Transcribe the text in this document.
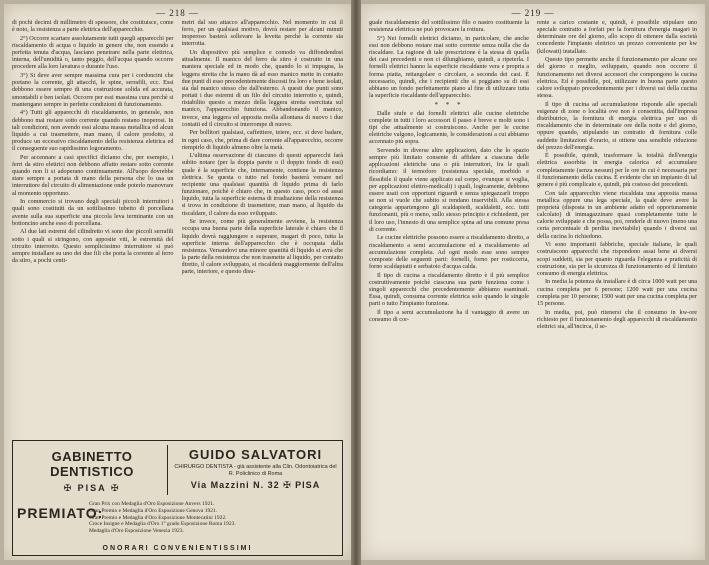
— 218 —

di pochi decimi di millimetro di spessore, che costituisce, come è noto, la resistenza a parte elettrica dell'apparecchio.

2°) Occorre scartare assolutamente tutti quegli apparecchi per riscaldamento di acqua o liquido in genere che, non essendo a perfetta tenuta d'acqua, lasciano penetrare nella parte elettrica, interna, dell'umidità o, tanto peggio, dell'acqua quando occorre procedere alla loro lavatura o durante l'uso.

3°) Si deve aver sempre massima cura per i cordoncini che portano la corrente, gli attacchi, le spine, serrafili, ecc. Essi debbono essere sempre di una costruzione solida ed accurata, smontabili e ben isolati. Occorre per essi massima cura perchè si mantengano sempre in perfette condizioni di funzionamento.

4°) Tutti gli apparecchi di riscaldamento, in generale, non debbono mai restare sotto corrente quando restano inoperosi. In tali condizioni, non avendo essi alcuna massa metallica od alcun liquido a cui trasmettere, man mano, il calore prodotto, si produce un eccessivo riscaldamento della resistenza elettrica ed il conseguente suo rapidissimo logoramento.

Per accennare a casi specifici diciamo che, per esempio, i ferri da stiro elettrici non debbono affatto restare sotto corrente quando non li si adoperano continuamente. All'uopo dovrebbe stare sempre a portata di mano della persona che lo usa un interruttore del circuito di alimentazione onde poterlo manovrare al momento opportuno.

In commercio si trovano degli speciali piccoli interruttori i quali sono costituiti da un sottilissimo tubetto di porcellana avente sulla sua superficie una piccola leva terminante con un bottoncino anche esso di porcellana.

Al due lati estremi del cilindretto vi sono due piccoli serrafili sotto i quali si stringono, con apposite viti, le estremità del circuito interrotto. Questo semplicissimo interruttore si può sempre installare su uno dei due fili che porta la corrente al ferro da stiro, a pochi centi-

metri dal suo attacco all'apparecchio. Nel momento in cui il ferro, per un qualsiasi motivo, dovrà restare per alcuni minuti inoperoso basterà sollevare la levetta perchè la corrente sia interrotta.

Un dispositivo più semplice e comodo va diffondendosi attualmente. Il manico del ferro da stiro è costruito in una maniera speciale ed in modo che, quando lo si impugna, la leggera stretta che la mano dà ad esso manico mette in contatto due punti di esso precedentemente discosti fra loro e bene isolati, sia dal manico stesso che dall'esterno. A questi due punti sono portati i due estremi di un filo del circuito interrotto e, quindi, ristabilito questo a mezzo della leggera stretta esercitata sul manico, l'apparecchio funziona. Abbandonando il manico, invece, una leggera ed apposita molla allontana di nuovo i due contatti ed il circuito si interrompe di nuovo.

Per bollitori qualsiasi, caffettiere, teiere, ecc. si deve badare, in ogni caso, che, prima di dare corrente all'apparecchio, occorre riempirlo di liquido almeno oltre la metà.

L'ultima osservazione di ciascuno di questi apparecchi farà subito notare (per la doppia parete o il doppio fondo di essi) quale è la superficie che, internamente, contiene la resistenza elettrica. Se questa o tutto nel fondo basterà versare nel recipiente una qualsiasi quantità di liquido prima di farlo funzionare, poichè è chiaro che, in questo caso, poco od assai liquido, tutta la superficie esterna di irradiazione della resistenza si trova in condizione di trasmettere, man mano, al liquido da riscaldare, il calore da esso sviluppato.

Se invece, come più generalmente avviene, la resistenza occupa una buona parte della superficie laterale è chiaro che il liquido dovrà raggiungere e superare, magari di poco, tutta la superficie interna dell'apparecchio che è occupata dalla resistenza. Versandovi una minore quantità di liquido si avrà che la parte della resistenza che non trasmette al liquido, per contatto diretto, il calore sviluppato, si riscalderà maggiormente dell'altra parte, interiore, e questo disu-

GABINETTO DENTISTICO
✠ PISA ✠
GUIDO SALVATORI
CHIRURGO DENTISTA - già assistente alla Clin. Odontoiatrica del R. Policlinico di Roma
Via Mazzini N. 32 ✠ PISA
PREMIATO:
Gran Prix con Medaglia d'Oro Esposizione Anvers 1921.
Gran Premio e Medaglia d'Oro Esposizione Genova 1921.
Gran Premio e Medaglia d'Oro Esposizione Montecatini 1922.
Croce Insigne e Medaglia d'Oro 1° grado Esposizione Roma 1923.
Medaglia d'Oro Esposizione Venezia 1923.
ONORARI CONVENIENTISSIMI
— 219 —

guale riscaldamento del sottilissimo filo o nastro costituente la resistenza elettrica ne può provocare la rottura.

5°) Nei fornelli elettrici diciamo, in particolare, che anche essi non debbono restare mai sotto corrente senza nulla che da riscaldare. La ragione di tale prescrizione è la stessa di quella dei casi precedenti e non ci dilunghiamo, quindi, a ripeterla. I fornelli elettrici hanno la superficie riscaldante vera e propria a forma piatta, rettangolare o circolare, a seconda dei casi. È necessario, quindi, che i recipienti che si poggiano su di essi abbiano un fondo perfettamente piano al fine di utilizzare tutta la superficie riscaldante dell'apparecchio.

* * *

Dalle stufe e dai fornelli elettrici alle cucine elettriche complete in tutti i loro accessori il passo è breve e molti sono i tipi che attualmente si costruiscono. Anche per le cucine elettriche valgono, logicamente, le considerazioni a cui abbiamo accennato più sopra.

Servendo in diverse altre applicazioni, dato che lo spazio sempre più limitato consente di affidare a ciascuna delle applicazioni elettriche una o più interruttori, fra le quali ricordiamo: il termoforo (resistenza speciale, morbido e flessibile il quale viene applicato sul corpo, ovunque si voglia, per applicazioni elettro-medicali) i quali, logicamente, debbono essere usati con opportuni riguardi e senza spiegazzarli troppo se non si vuole che subito si rendano inservibili. Alla stessa categoria appartengono gli scaldapiedi, scaldaletti, ecc. tutti funzionanti, più o meno, sullo stesso principio e richiedenti, per il loro uso, l'innesto di una semplice spina ad una comune presa di corrente.

Le cucine elettriche possono essere a riscaldamento diretto, a riscaldamento a semi accumulazione ed a riscaldamento ad accumulazione completa. Ad ogni modo esse sono sempre composte delle seguenti parti: fornelli, forno per rosticceria, forno scaldapiatti e serbatoio d'acqua calda.

Il tipo di cucina a riscaldamento diretto è il più semplice costruttivamente poichè ciascuna sua parte funziona come i singoli apparecchi che precedentemente abbiamo esaminati. Essa, quindi, consuma corrente elettrica solo quando le singole parti o tutto l'impianto funziona.

Il tipo a semi accumulazione ha il vantaggio di avere un consumo di cor-

rente a carico costante e, quindi, è possibile stipulare uno speciale contratto a forfait per la fornitura d'energia magari in determinate ore del giorno, allo scopo di ottenere dalla società concedente l'impianto elettrico un prezzo conveniente per kw (kilowatt) installato.

Questo tipo permette anche il funzionamento per alcune ore del giorno o meglio, sviluppato, quando non occorre il funzionamento nei diversi accessori che compongono la cucina elettrica. Ed è possibile, poi, utilizzare in buona parte questo calore sviluppato precedentemente per i diversi usi della cucina stessa.

Il tipo di cucina ad accumulazione risponde alle speciali esigenze di zone o località ove non è consentita, dall'impresa distributrice, la fornitura di energia elettrica per uso di riscaldamento che in determinate ore della notte e del giorno, oppure quando, stipulando un contratto di fornitura colle suddette limitazioni d'orario, si ottiene una sensibile riduzione del prezzo dell'energia.

È possibile, quindi, trasformare la totalità dell'energia elettrica assorbita in energia calorica ed accumulare completamente (senza nessun) per le ore in cui è necessaria per il funzionamento della cucina. È evidente che un impianto di tal genere è più complicato e, quindi, più costoso dei precedenti.

Con tale apparecchio viene riscaldata una apposita massa metallica oppure una lega speciale, la quale deve avere la proprietà (disposta in un ambiente adatto ed opportunamente calcolato) di immagazzinare quasi completamente tutte le calorie sviluppate e che possa, poi, renderle di nuovo (meno una certa percentuale di perdita inevitabile) quando i diversi usi della cucina lo richiedono.

Vi sono importanti fabbriche, speciale italiane, le quali costruiscono apparecchi che rispondono assai bene ai diversi scopi suddetti, sia per quanto riguarda l'eleganza e praticità di costruzione, sia per la sicurezza di funzionamento ed il limitato consumo di energia elettrica.

In media la potenza da installare è di circa 1000 watt per una cucina completa per 6 persone; 1200 watt per una cucina completa per 10 persone; 1500 watt per una cucina completa per 15 persone.

In media, poi, può ritenersi che il consumo in kw-ore richiesto per il funzionamento degli apparecchi di riscaldamento elettrici sia, all'incirca, il se-
